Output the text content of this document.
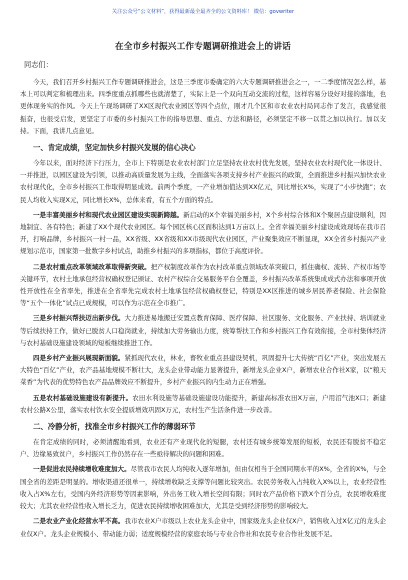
关注公众号“公文材料”，获得最新最全最齐全的公文资料库！ 微信：govwriter
在全市乡村振兴工作专题调研推进会上的讲话
同志们：

今天，我们召开乡村振兴工作专题调研推进会，这是三季度市委确定的六大专题调研推进会之一，一二季度情况怎么样，基本上可以判定和梳理出来。四季度重点抓哪些也就清楚了，实际上是一个双向互动交流的过程，这样容易分设好对接的落地，也更体现务实的作风。今天上午现场调研了XX区现代农业园区等四个点位，刚才几个区和市农业农村局同志作了发言，我感觉很振奋，也很受启发，更坚定了市委的乡村振兴工作的指导思想、重点、方法和路径，必须坚定不移一以贯之加以执行。加以支持。下面，我讲几点意见。

一、肯定成绩，坚定加快乡村振兴发展的信心决心

今年以来，面对经济下行压力，全市上下特别是农业农村部门立足坚持农业农村优先发展，坚持农业农村现代化一体设计、一并推进，以园区建设为引领，以推动高质量发展为主线，全面落实各项支持乡村产业振兴的政策，全面推进乡村振兴加快农业农村现代化，全市乡村振兴工作取得明显成效。前两个季度，一产业增加值达到XX亿元，同比增长X%，实现了“小步快跑”；农民人均收入实现X元，同比增长X%，总体来看，有五个方面的特点。

一是丰富美丽乡村和现代农业园区建设实现新跨越。新启动的X个幸福美丽乡村，X个乡村综合体和X个聚居点建设顺利，因地制宜、各有特色；新建了XX个现代农业园区。每个园区核心区面积达到1万亩以上。全省幸福美丽乡村建设成效现场在我市召开，打响品牌，乡村振兴一村一品，XX省级、XX省级和XX市级现代农业园区，产业聚集效应不断显现，XX全省乡村振兴产业规划示范市，国家第一批数字乡村试点，助推乡村振兴的多项指标，都位于高度评价。

二是农村重点改革领域改革取得新突破。把产权制度改革作为农村改革重点领域改革突破口，抓住确权、流转、产权市场等关键环节，农村土地承包经营权确权登记颁证、农村产权综合交易服务平台全覆盖，乡村振兴改革系统集成成式办法和事项开放性开放性在全省率先，推进在全省率先完成农村土地承包经营权确权登记，特别是XX区推进的城乡居民养老保险、社会保险等“五个一体化”试点已成规模，可以作为示范在全市推广。

三是乡村振兴帮扶迈出新步伐。大力推进易地搬迁安置点教育保障、医疗保障、社区服务、文化服务、产业扶持、培训就业等后续扶持工作，做好已脱贫人口稳岗就业，持续加大劳务输出力度，统筹帮扶工作和乡村振兴工作有效衔接，全市村集体经济与农村基础设施建设领域的短板继续推进工作。

四是乡村产业振兴展现新面貌。紧抓现代农业，林业，畜牧业重点县建设契机，巩固提升七大传统“百亿”产业，突出发展五大特色“百亿”产业，农产品基地规模不断壮大，龙头企业带动能力显著提升，新增龙头企业X户，新增农业合作社X家，以“粮天菜香”为代表的优势特色农产品品牌效应不断提升，乡村产业振兴的内生动力正在增强。

五是农村基础设施建设有新提升。农田水利设施等基础设施建设功能提升，新建高标准农田X万亩，户用沼气池X口；新建农村公路X公里，落实农村饮水安全提质增效巩固X万元，农村生产生活条件进一步改善。

二、冷静分析，找准全市乡村振兴工作的薄弱环节

在肯定成绩的同时，必须清醒地看到，农业还有产业现代化的短腿，农村还有城乡统筹发展的短板，农民还有脱贫不稳定户、边缘易致贫户，乡村振兴工作仍然存在一些亟待解决的问题和困难。

一是促进农民持续增收难度加大。尽管我市农民人均纯收入逐年增加，但由仅相当于全国同期水平的X%，全省的X%，与全国全省的差距是明显的。增收渠道还很单一，持续增收缺乏支撑等问题比较突出。农民劳务收入占纯收入X%以上，农业经营性收入占X%左右，受国内外经济形势等因素影响，外出务工收入增长空间有限；同时农产品价格下跌X个百分点，农民增收难度较大；尤其农业经营性收入增长乏力，促进农民持续增收困难加大，尤其是受到经济形势的影响较大。

二是农业产业化经营水平不高。我市农业X户市级以上农业龙头企业中，国家级龙头企业仅X户，销售收入过X亿元的龙头企业仅X户。龙头企业规模小、带动能力弱；适度规模经营的家庭农场与专业合作社和农民专业合作社发展不足。
